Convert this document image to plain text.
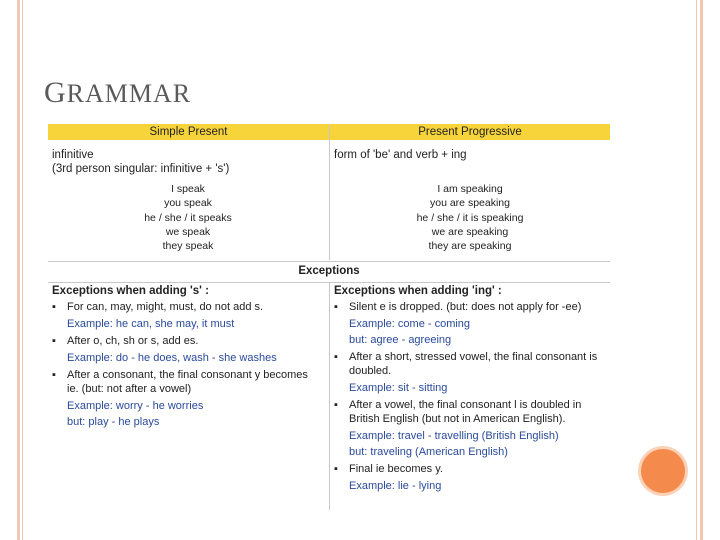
GRAMMAR
Simple Present	Present Progressive
infinitive
(3rd person singular: infinitive + 's')
I speak
you speak
he / she / it speaks
we speak
they speak
form of 'be' and verb + ing
I am speaking
you are speaking
he / she / it is speaking
we are speaking
they are speaking
Exceptions
Exceptions when adding 's' :	Exceptions when adding 'ing' :
▪ For can, may, might, must, do not add s.
Example: he can, she may, it must
▪ After o, ch, sh or s, add es.
Example: do - he does, wash - she washes
▪ After a consonant, the final consonant y becomes ie. (but: not after a vowel)
Example: worry - he worries
but: play - he plays
▪ Silent e is dropped. (but: does not apply for -ee)
Example: come - coming
but: agree - agreeing
▪ After a short, stressed vowel, the final consonant is doubled.
Example: sit - sitting
▪ After a vowel, the final consonant l is doubled in British English (but not in American English).
Example: travel - travelling (British English)
but: traveling (American English)
▪ Final ie becomes y.
Example: lie - lying
